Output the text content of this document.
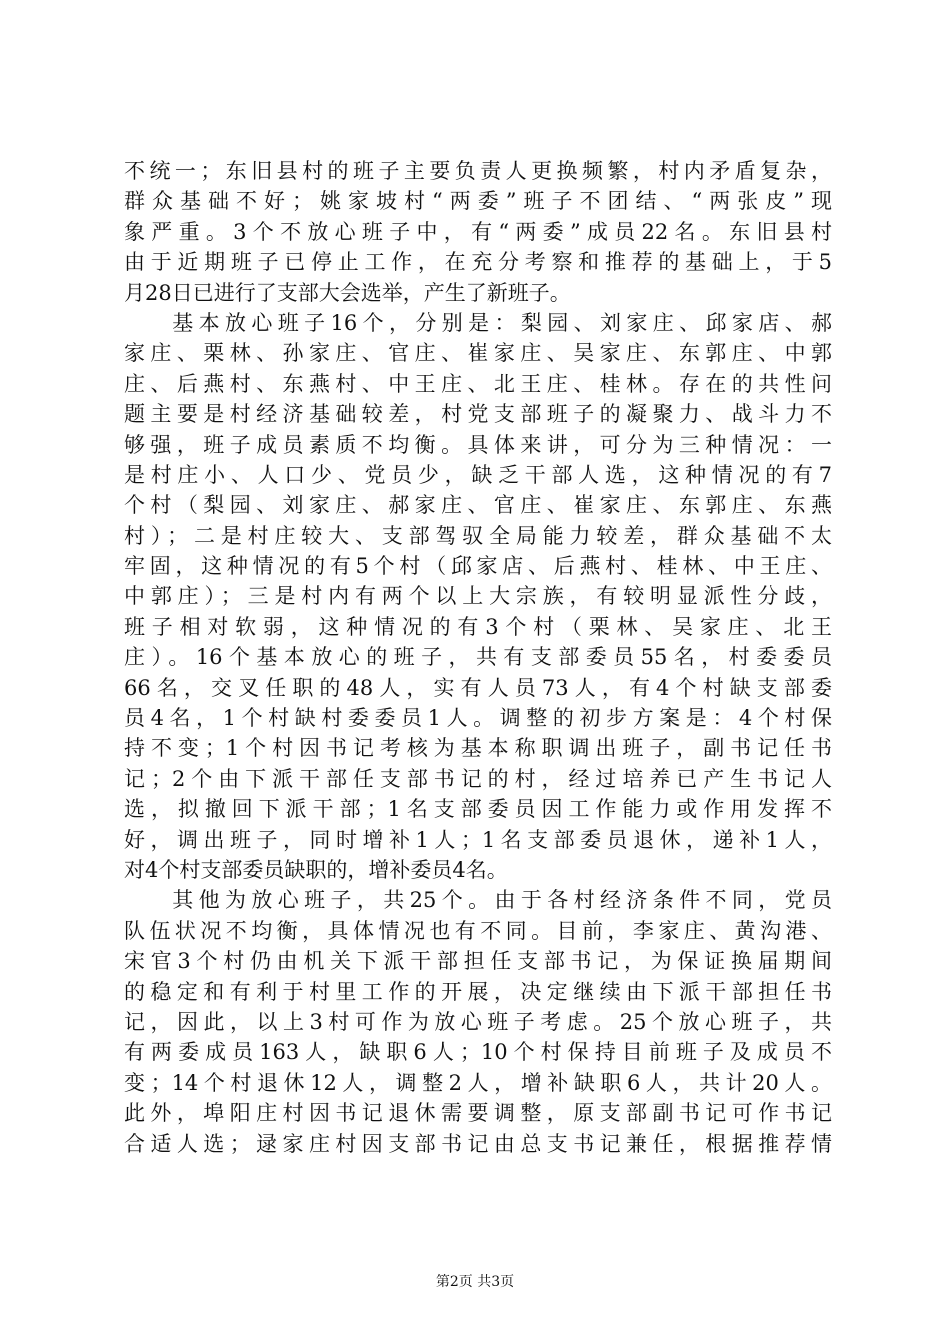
不统一；东旧县村的班子主要负责人更换频繁，村内矛盾复杂，
群众基础不好；姚家坡村“两委”班子不团结、“两张皮”现
象严重。3个不放心班子中，有“两委”成员22名。东旧县村
由于近期班子已停止工作，在充分考察和推荐的基础上，于5
月28日已进行了支部大会选举，产生了新班子。
基本放心班子16个，分别是：梨园、刘家庄、邱家店、郝
家庄、栗林、孙家庄、官庄、崔家庄、吴家庄、东郭庄、中郭
庄、后燕村、东燕村、中王庄、北王庄、桂林。存在的共性问
题主要是村经济基础较差，村党支部班子的凝聚力、战斗力不
够强，班子成员素质不均衡。具体来讲，可分为三种情况：一
是村庄小、人口少、党员少，缺乏干部人选，这种情况的有7
个村（梨园、刘家庄、郝家庄、官庄、崔家庄、东郭庄、东燕
村）；二是村庄较大、支部驾驭全局能力较差，群众基础不太
牢固，这种情况的有5个村（邱家店、后燕村、桂林、中王庄、
中郭庄）；三是村内有两个以上大宗族，有较明显派性分歧，
班子相对软弱，这种情况的有3个村（栗林、吴家庄、北王
庄）。16个基本放心的班子，共有支部委员55名，村委委员
66名，交叉任职的48人，实有人员73人，有4个村缺支部委
员4名，1个村缺村委委员1人。调整的初步方案是：4个村保
持不变；1个村因书记考核为基本称职调出班子，副书记任书
记；2个由下派干部任支部书记的村，经过培养已产生书记人
选，拟撤回下派干部；1名支部委员因工作能力或作用发挥不
好，调出班子，同时增补1人；1名支部委员退休，递补1人，
对4个村支部委员缺职的，增补委员4名。
其他为放心班子，共25个。由于各村经济条件不同，党员
队伍状况不均衡，具体情况也有不同。目前，李家庄、黄沟港、
宋官3个村仍由机关下派干部担任支部书记，为保证换届期间
的稳定和有利于村里工作的开展，决定继续由下派干部担任书
记，因此，以上3村可作为放心班子考虑。25个放心班子，共
有两委成员163人，缺职6人；10个村保持目前班子及成员不
变；14个村退休12人，调整2人，增补缺职6人，共计20人。
此外，埠阳庄村因书记退休需要调整，原支部副书记可作书记
合适人选；逯家庄村因支部书记由总支书记兼任，根据推荐情
第2页 共3页
